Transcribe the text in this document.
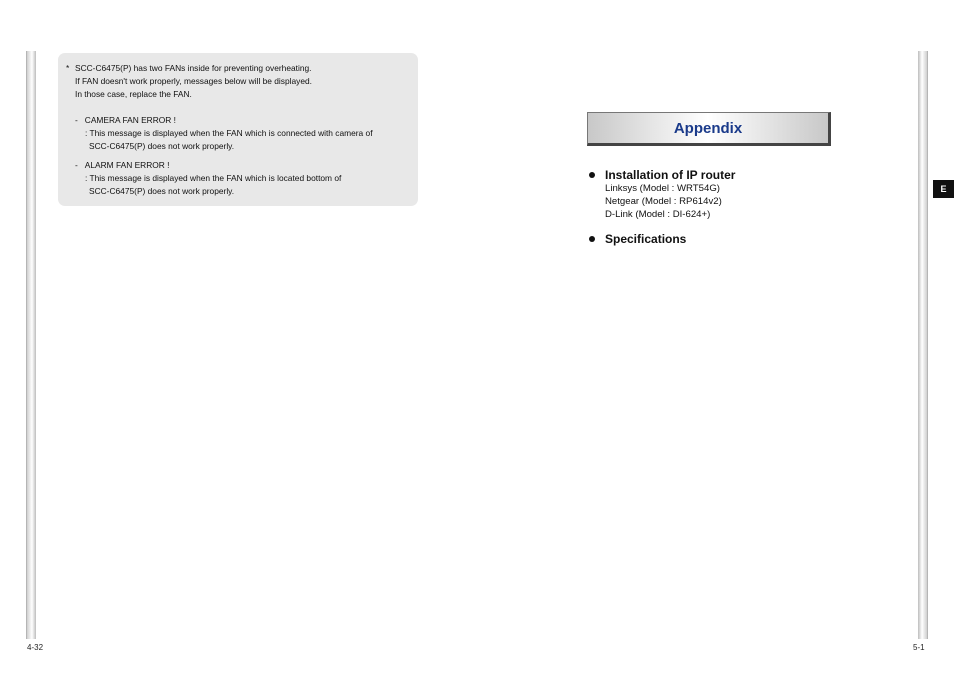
* SCC-C6475(P) has two FANs inside for preventing overheating.

If FAN doesn't work properly, messages below will be displayed.

In those case, replace the FAN.

- CAMERA FAN ERROR !

: This message is displayed when the FAN which is connected with camera of

SCC-C6475(P) does not work properly.

- ALARM FAN ERROR !

: This message is displayed when the FAN which is located bottom of

SCC-C6475(P) does not work properly.

4-32
Appendix
Installation of IP router
Linksys (Model : WRT54G)
Netgear (Model : RP614v2)
D-Link (Model : DI-624+)
Specifications
E
5-1
